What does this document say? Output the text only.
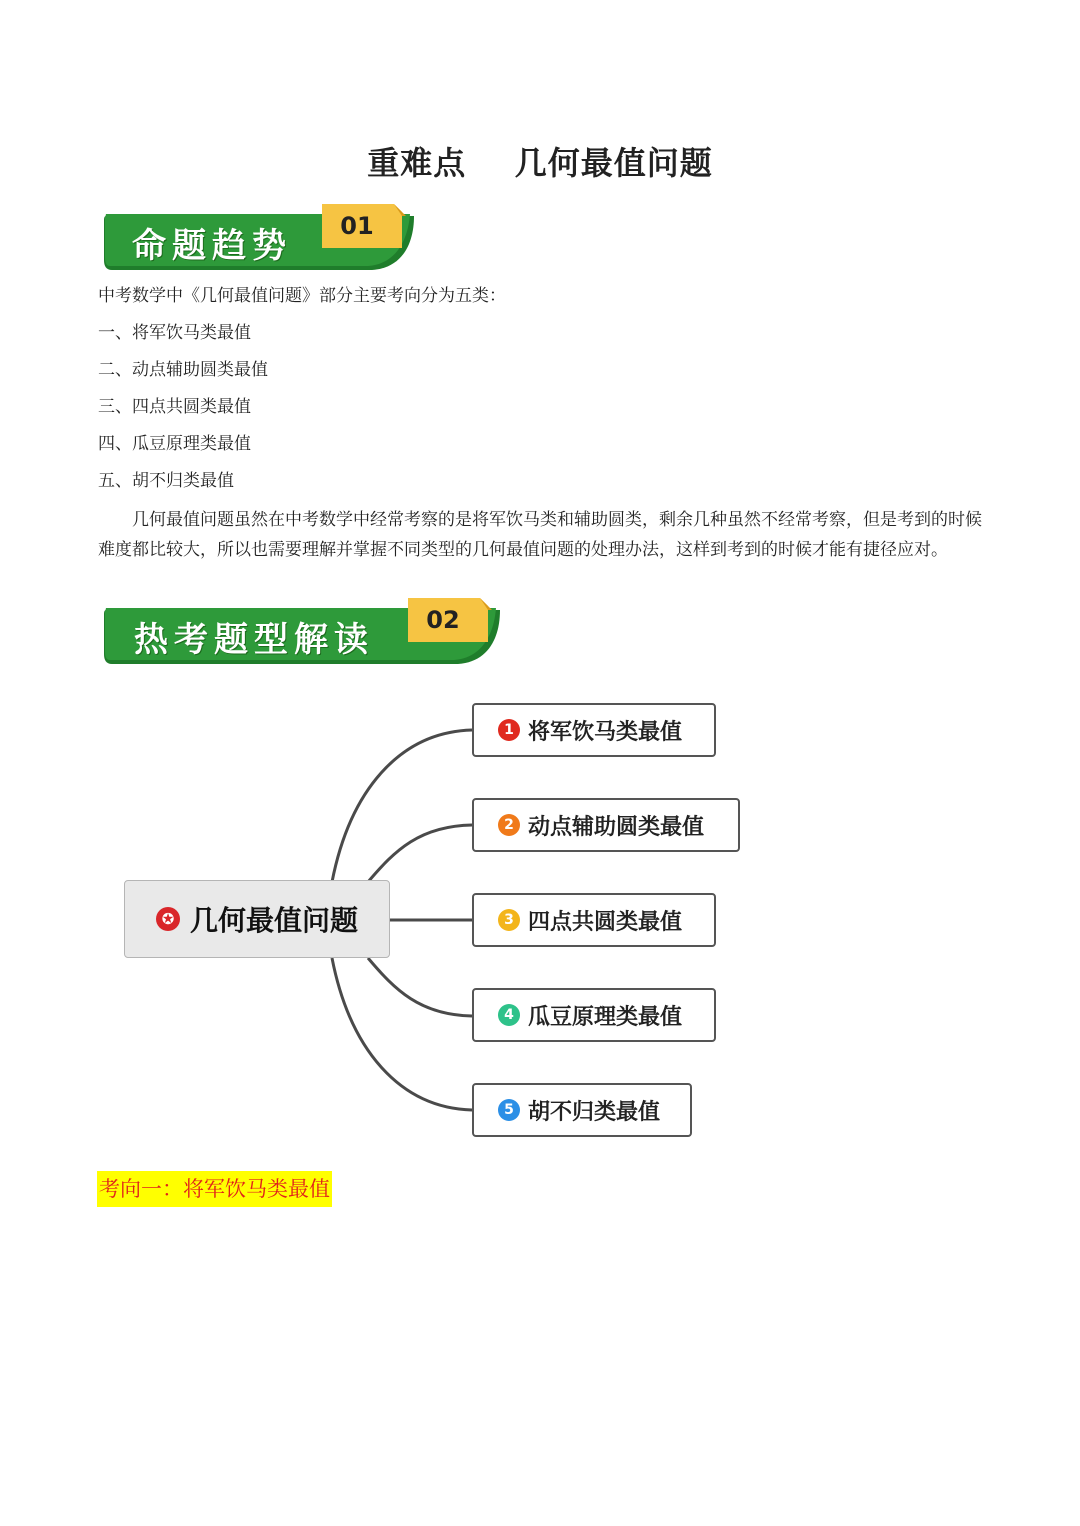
重难点    几何最值问题
命题趋势	01
中考数学中《几何最值问题》部分主要考向分为五类：
一、将军饮马类最值
二、动点辅助圆类最值
三、四点共圆类最值
四、瓜豆原理类最值
五、胡不归类最值
几何最值问题虽然在中考数学中经常考察的是将军饮马类和辅助圆类，剩余几种虽然不经常考察，但是考到的时候难度都比较大，所以也需要理解并掌握不同类型的几何最值问题的处理办法，这样到考到的时候才能有捷径应对。
热考题型解读	02
✪ 几何最值问题
1 将军饮马类最值
2 动点辅助圆类最值
3 四点共圆类最值
4 瓜豆原理类最值
5 胡不归类最值
考向一：将军饮马类最值
